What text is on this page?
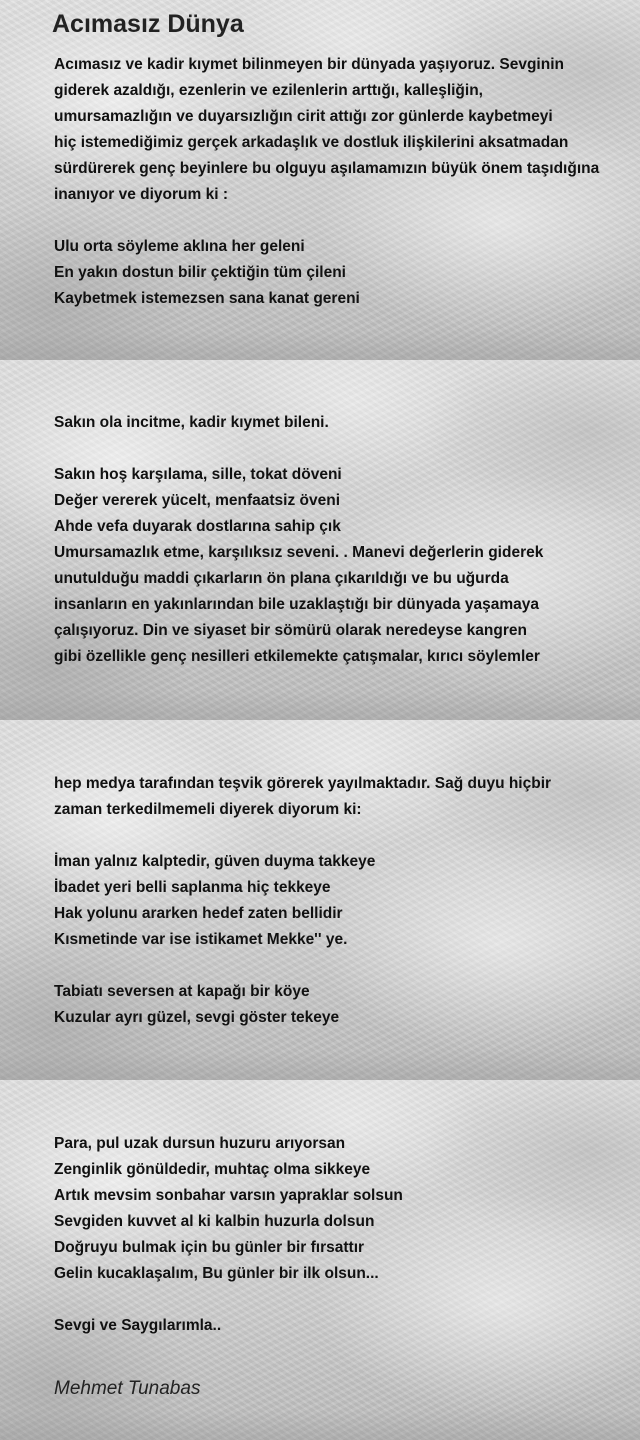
Acımasız Dünya
Acımasız ve kadir kıymet bilinmeyen bir dünyada yaşıyoruz. Sevginin
giderek azaldığı, ezenlerin ve ezilenlerin arttığı, kalleşliğin,
umursamazlığın ve duyarsızlığın cirit attığı zor günlerde kaybetmeyi
hiç istemediğimiz gerçek arkadaşlık ve dostluk ilişkilerini aksatmadan
sürdürerek genç beyinlere bu olguyu aşılamamızın büyük önem taşıdığına
inanıyor ve diyorum ki :
Ulu orta söyleme aklına her geleni
En yakın dostun bilir çektiğin tüm çileni
Kaybetmek istemezsen sana kanat gereni
Sakın ola incitme, kadir kıymet bileni.
Sakın hoş karşılama, sille, tokat döveni
Değer vererek yücelt, menfaatsiz öveni
Ahde vefa duyarak dostlarına sahip çık
Umursamazlık etme, karşılıksız seveni. . Manevi değerlerin giderek
unutulduğu maddi çıkarların ön plana çıkarıldığı ve bu uğurda
insanların en yakınlarından bile uzaklaştığı bir dünyada yaşamaya
çalışıyoruz. Din ve siyaset bir sömürü olarak neredeyse kangren
gibi özellikle genç nesilleri etkilemekte çatışmalar, kırıcı söylemler
hep medya tarafından teşvik görerek yayılmaktadır. Sağ duyu hiçbir
zaman terkedilmemeli diyerek diyorum ki:
İman yalnız kalptedir, güven duyma takkeye
İbadet yeri belli saplanma hiç tekkeye
Hak yolunu ararken hedef zaten bellidir
Kısmetinde var ise istikamet Mekke'' ye.
Tabiatı seversen at kapağı bir köye
Kuzular ayrı güzel, sevgi göster tekeye
Para, pul uzak dursun huzuru arıyorsan
Zenginlik gönüldedir, muhtaç olma sikkeye
Artık mevsim sonbahar varsın yapraklar solsun
Sevgiden kuvvet al ki kalbin huzurla dolsun
Doğruyu bulmak için bu günler bir fırsattır
Gelin kucaklaşalım, Bu günler bir ilk olsun...
Sevgi ve Saygılarımla..
Mehmet Tunabas
